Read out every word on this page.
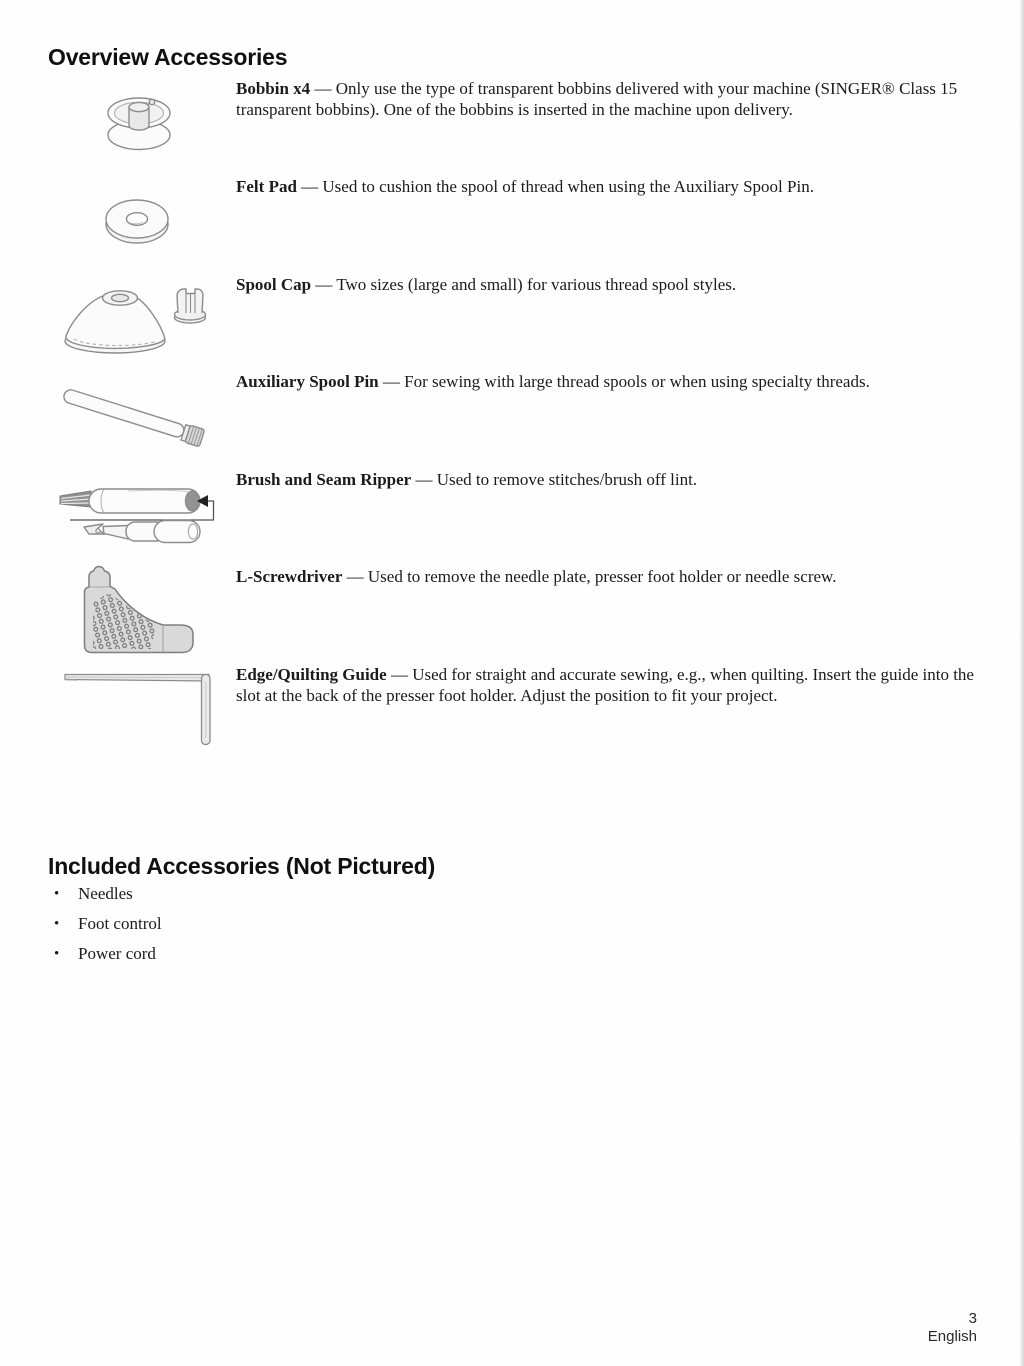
Overview Accessories

Bobbin x4 — Only use the type of transparent bobbins delivered with your machine (SINGER® Class 15 transparent bobbins). One of the bobbins is inserted in the machine upon delivery.

Felt Pad — Used to cushion the spool of thread when using the Auxiliary Spool Pin.

Spool Cap — Two sizes (large and small) for various thread spool styles.

Auxiliary Spool Pin — For sewing with large thread spools or when using specialty threads.

Brush and Seam Ripper — Used to remove stitches/brush off lint.

L-Screwdriver — Used to remove the needle plate, presser foot holder or needle screw.

Edge/Quilting Guide — Used for straight and accurate sewing, e.g., when quilting. Insert the guide into the slot at the back of the presser foot holder. Adjust the position to fit your project.

Included Accessories (Not Pictured)
•	Needles
•	Foot control
•	Power cord
3
English
